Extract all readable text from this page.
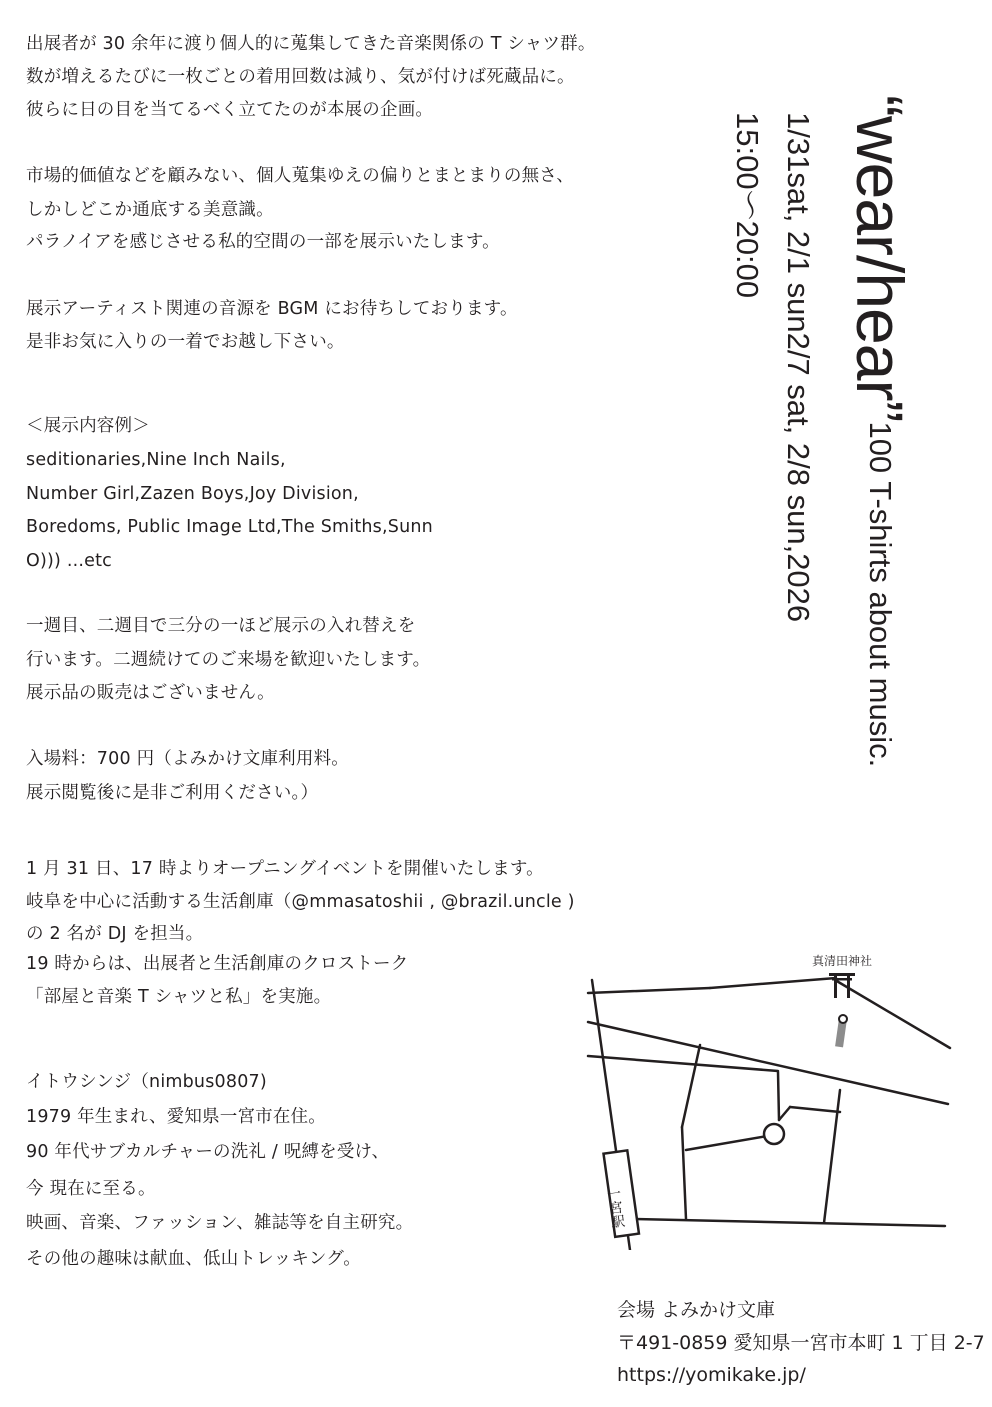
出展者が 30 余年に渡り個人的に蒐集してきた音楽関係の T シャツ群。
数が増えるたびに一枚ごとの着用回数は減り、気が付けば死蔵品に。
彼らに日の目を当てるべく立てたのが本展の企画。
市場的価値などを顧みない、個人蒐集ゆえの偏りとまとまりの無さ、
しかしどこか通底する美意識。
パラノイアを感じさせる私的空間の一部を展示いたします。
展示アーティスト関連の音源を BGM にお待ちしております。
是非お気に入りの一着でお越し下さい。
＜展示内容例＞
seditionaries,Nine Inch Nails,
Number Girl,Zazen Boys,Joy Division,
Boredoms, Public Image Ltd,The Smiths,Sunn
O))) ...etc
一週目、二週目で三分の一ほど展示の入れ替えを
行います。二週続けてのご来場を歓迎いたします。
展示品の販売はございません。
入場料：700 円（よみかけ文庫利用料。
展示閲覧後に是非ご利用ください。）
1 月 31 日、17 時よりオープニングイベントを開催いたします。
岐阜を中心に活動する生活創庫（@mmasatoshii , @brazil.uncle )
の 2 名が DJ を担当。
19 時からは、出展者と生活創庫のクロストーク
「部屋と音楽 T シャツと私」を実施。
イトウシンジ（nimbus0807)
1979 年生まれ、愛知県一宮市在住。
90 年代サブカルチャーの洗礼 / 呪縛を受け、
今 現在に至る。
映画、音楽、ファッション、雑誌等を自主研究。
その他の趣味は献血、低山トレッキング。
“wear/hear”100 T-shirts about music.
1/31sat, 2/1 sun2/7 sat, 2/8 sun,2026
15:00〜20:00
真清田神社
一宮駅
会場 よみかけ文庫
〒491-0859 愛知県一宮市本町 1 丁目 2-7
https://yomikake.jp/
